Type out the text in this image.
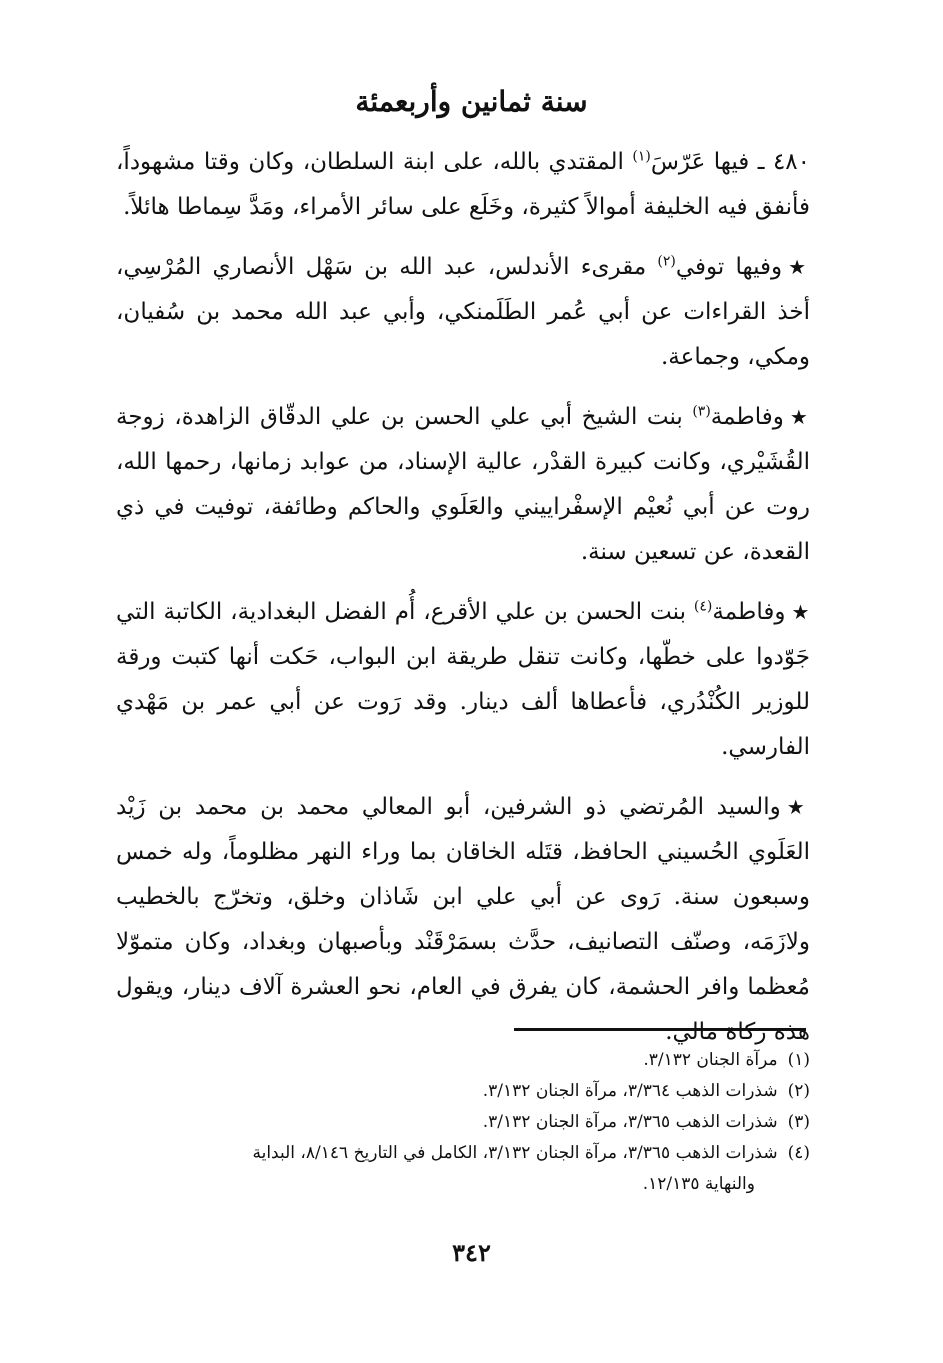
سنة ثمانين وأربعمئة

٤٨٠ ـ فيها عَرّسَ$^{(١)}$ المقتدي بالله، على ابنة السلطان، وكان وقتا مشهوداً، فأنفق فيه الخليفة أموالاً كثيرة، وخَلَع على سائر الأمراء، ومَدَّ سِماطا هائلاً.

★وفيها توفي$^{(٢)}$ مقرىء الأندلس، عبد الله بن سَهْل الأنصاري المُرْسِي، أخذ القراءات عن أبي عُمر الطَلَمنكي، وأبي عبد الله محمد بن سُفيان، ومكي، وجماعة.

★وفاطمة$^{(٣)}$ بنت الشيخ أبي علي الحسن بن علي الدقّاق الزاهدة، زوجة القُشَيْري، وكانت كبيرة القدْر، عالية الإسناد، من عوابد زمانها، رحمها الله، روت عن أبي نُعيْم الإسفْراييني والعَلَوي والحاكم وطائفة، توفيت في ذي القعدة، عن تسعين سنة.

★وفاطمة$^{(٤)}$ بنت الحسن بن علي الأقرع، أُم الفضل البغدادية، الكاتبة التي جَوّدوا على خطّها، وكانت تنقل طريقة ابن البواب، حَكت أنها كتبت ورقة للوزير الكُنْدُري، فأعطاها ألف دينار. وقد رَوت عن أبي عمر بن مَهْدي الفارسي.

★والسيد المُرتضي ذو الشرفين، أبو المعالي محمد بن محمد بن زَيْد العَلَوي الحُسيني الحافظ، قتَله الخاقان بما وراء النهر مظلوماً، وله خمس وسبعون سنة. رَوى عن أبي علي ابن شَاذان وخلق، وتخرّج بالخطيب ولازَمَه، وصنّف التصانيف، حدَّث بسمَرْقَنْد وبأصبهان وبغداد، وكان متموّلا مُعظما وافر الحشمة، كان يفرق في العام، نحو العشرة آلاف دينار، ويقول هذه زكاة مالي.

(١)مرآة الجنان ٣/١٣٢.

(٢)شذرات الذهب ٣/٣٦٤، مرآة الجنان ٣/١٣٢.

(٣)شذرات الذهب ٣/٣٦٥، مرآة الجنان ٣/١٣٢.

(٤)شذرات الذهب ٣/٣٦٥، مرآة الجنان ٣/١٣٢، الكامل في التاريخ ٨/١٤٦، البداية

والنهاية ١٢/١٣٥.

٣٤٢
